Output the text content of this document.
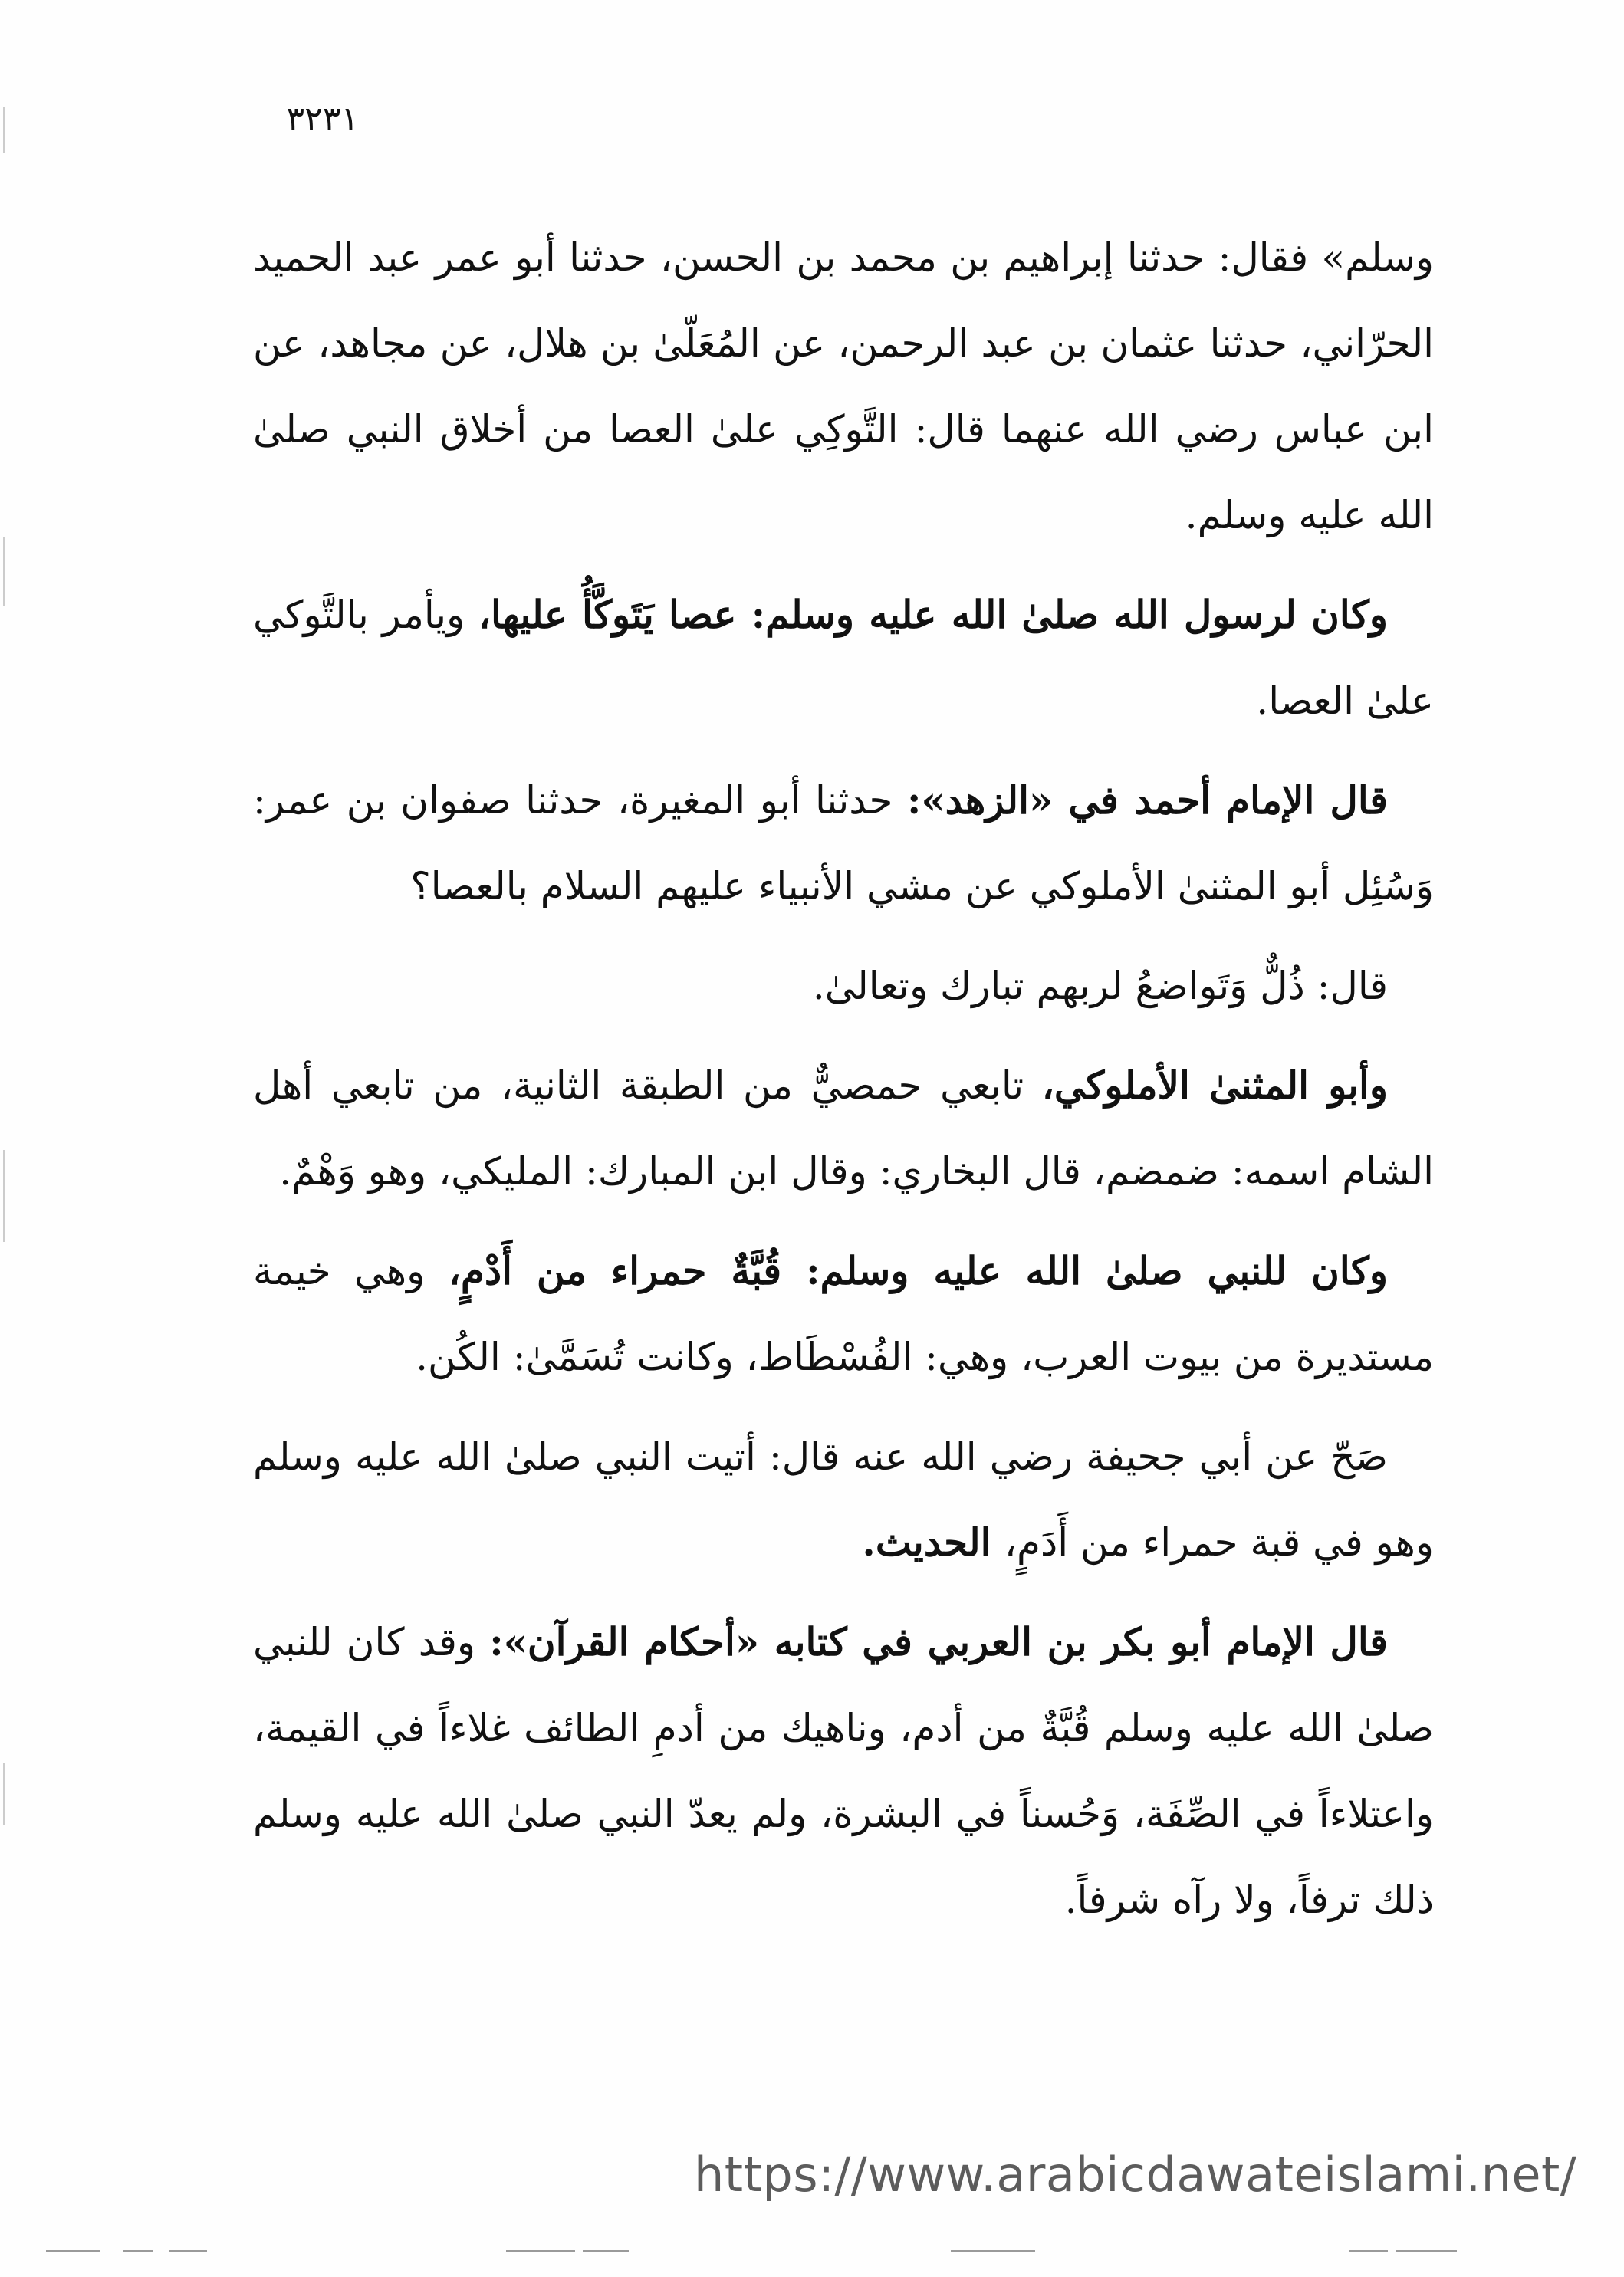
٣٢٣١

وسلم» فقال: حدثنا إبراهيم بن محمد بن الحسن، حدثنا أبو عمر عبد الحميد الحرّاني، حدثنا عثمان بن عبد الرحمن، عن المُعَلّىٰ بن هلال، عن مجاهد، عن ابن عباس رضي الله عنهما قال: التَّوكِي علىٰ العصا من أخلاق النبي صلىٰ الله عليه وسلم.

وكان لرسول الله صلىٰ الله عليه وسلم: عصا يَتَوكَّأُ عليها، ويأمر بالتَّوكي علىٰ العصا.

قال الإمام أحمد في «الزهد»: حدثنا أبو المغيرة، حدثنا صفوان بن عمر: وَسُئِل أبو المثنىٰ الأملوكي عن مشي الأنبياء عليهم السلام بالعصا؟

قال: ذُلٌّ وَتَواضعُ لربهم تبارك وتعالىٰ.

وأبو المثنىٰ الأملوكي، تابعي حمصيٌّ من الطبقة الثانية، من تابعي أهل الشام اسمه: ضمضم، قال البخاري: وقال ابن المبارك: المليكي، وهو وَهْمٌ.

وكان للنبي صلىٰ الله عليه وسلم: قُبَّةٌ حمراء من أَدْمٍ، وهي خيمة مستديرة من بيوت العرب، وهي: الفُسْطَاط، وكانت تُسَمَّىٰ: الكُن.

صَحّ عن أبي جحيفة رضي الله عنه قال: أتيت النبي صلىٰ الله عليه وسلم وهو في قبة حمراء من أَدَمٍ، الحديث.

قال الإمام أبو بكر بن العربي في كتابه «أحكام القرآن»: وقد كان للنبي صلىٰ الله عليه وسلم قُبَّةٌ من أدم، وناهيك من أدمِ الطائف غلاءاً في القيمة، واعتلاءاً في الصِّفَة، وَحُسناً في البشرة، ولم يعدّ النبي صلىٰ الله عليه وسلم ذلك ترفاً، ولا رآه شرفاً.

https://www.arabicdawateislami.net/
